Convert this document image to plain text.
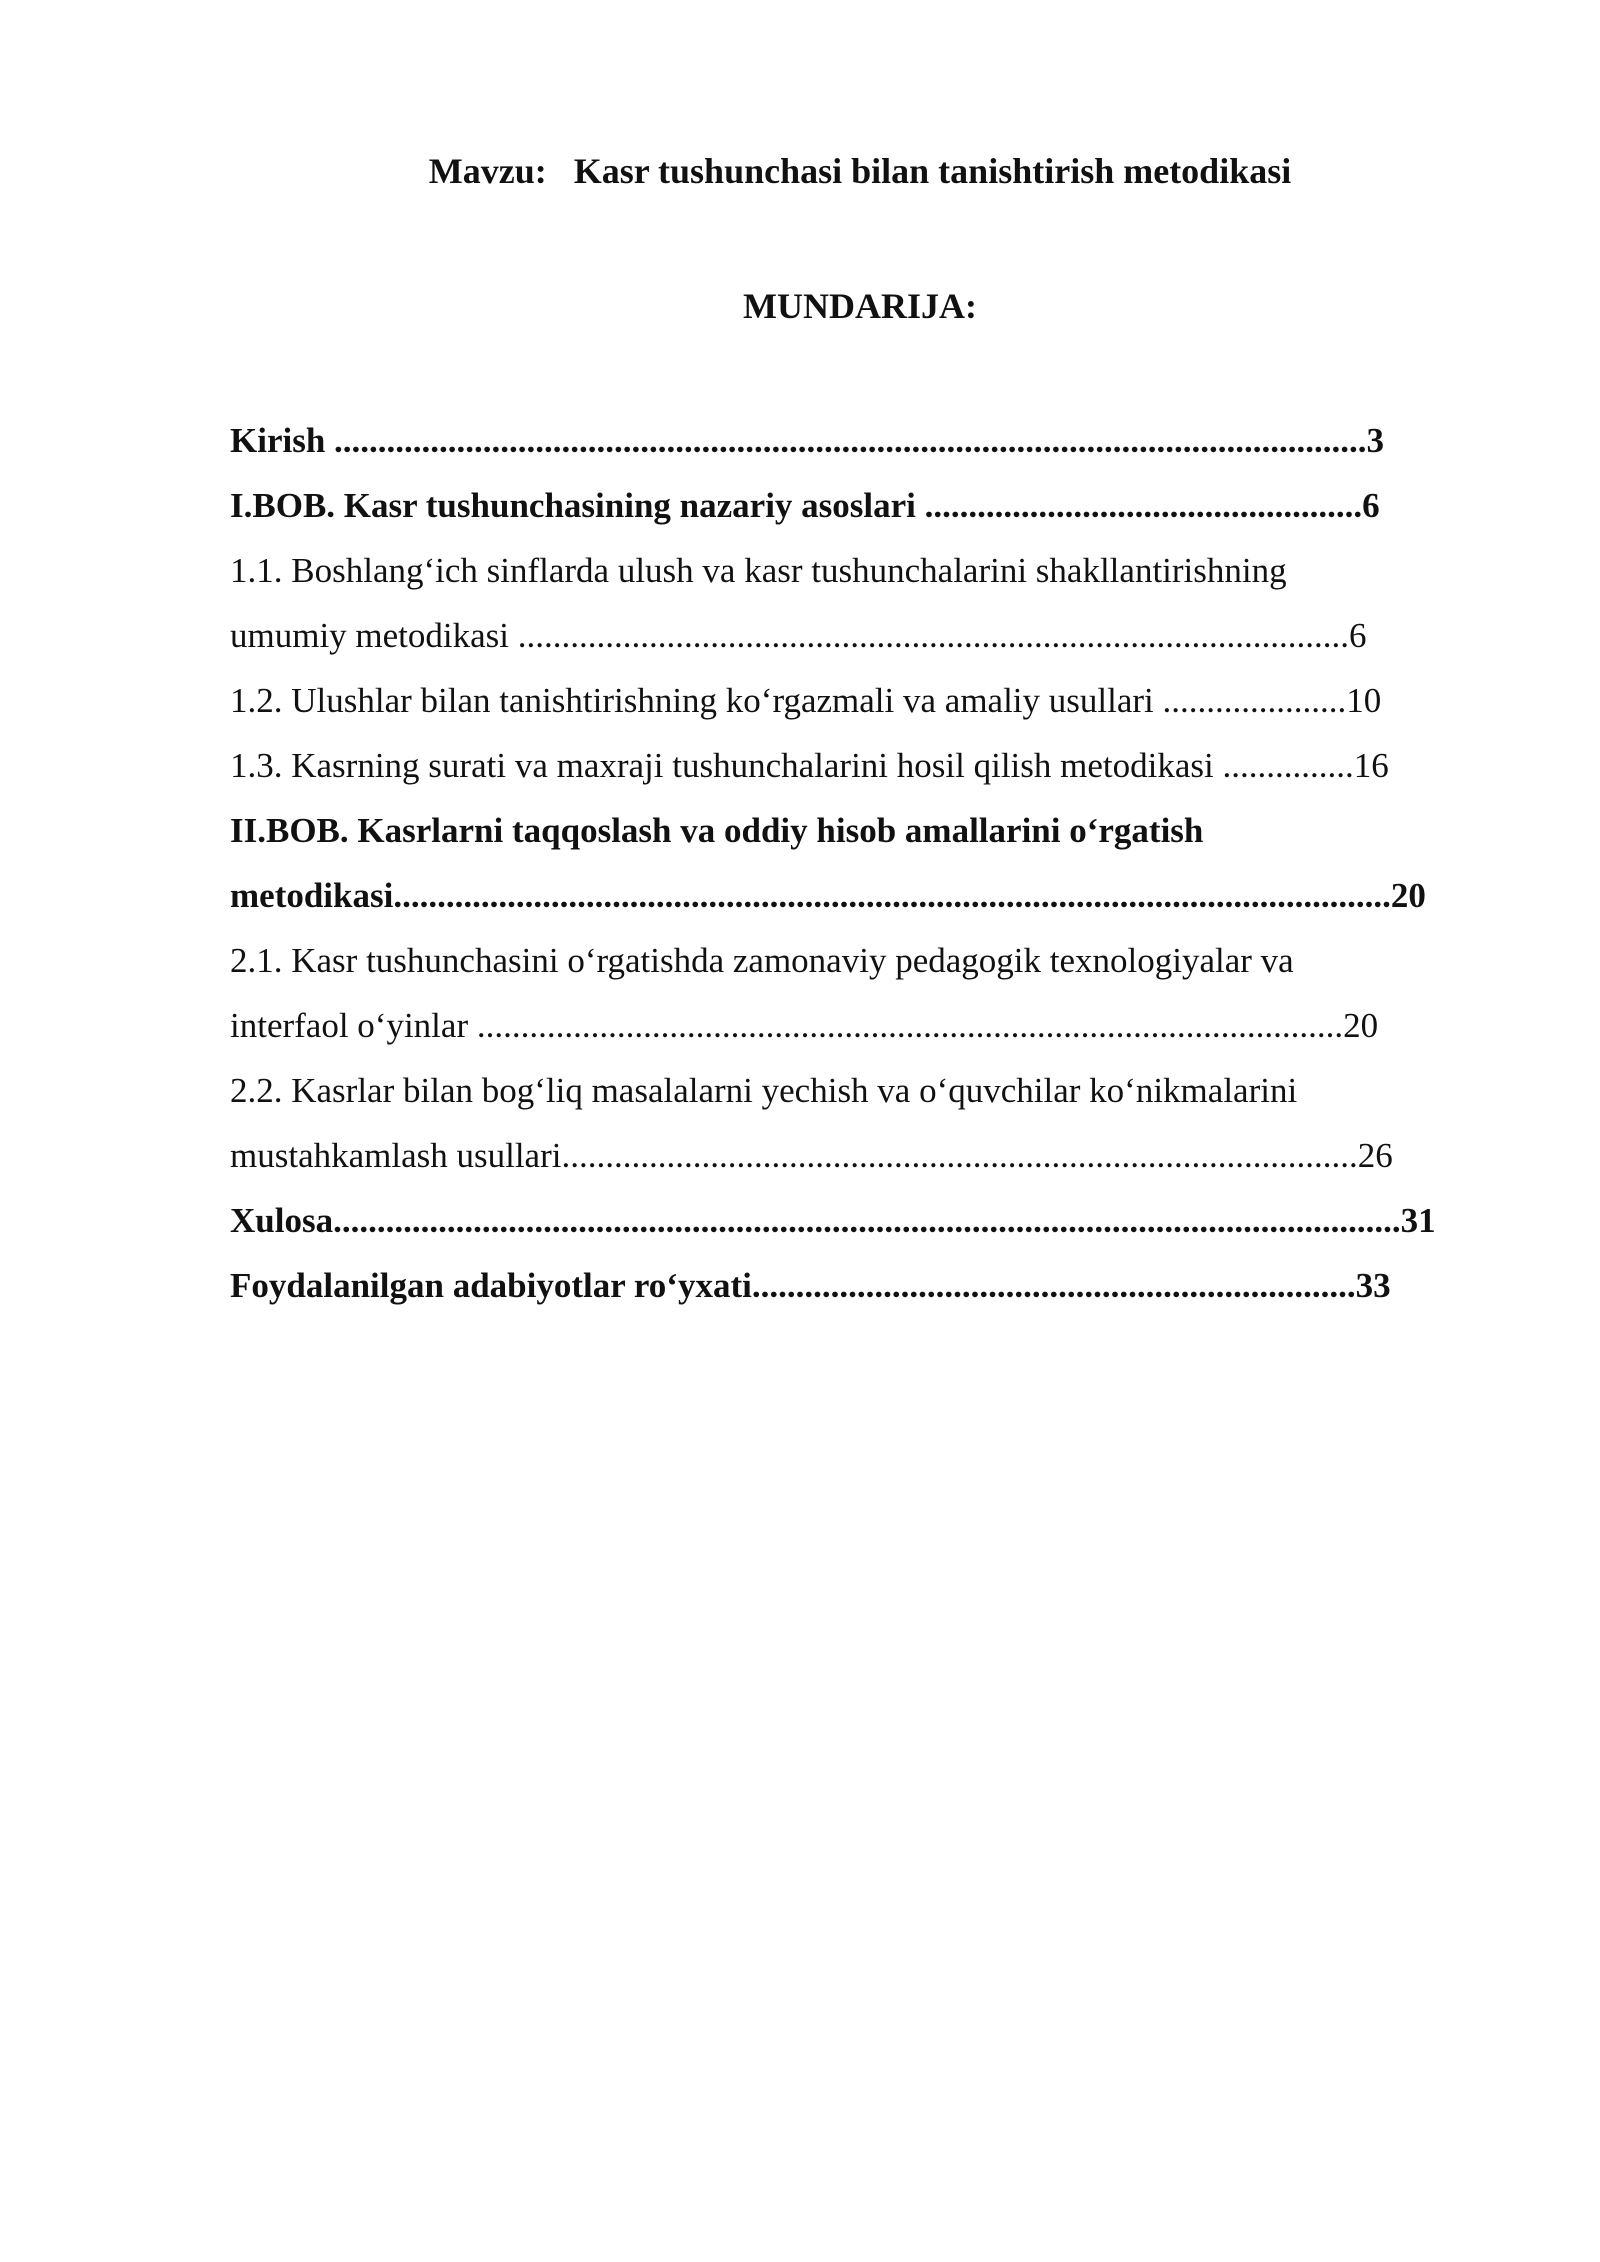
Mavzu:   Kasr tushunchasi bilan tanishtirish metodikasi
MUNDARIJA:
Kirish ......................................................................................................................3
I.BOB. Kasr tushunchasining nazariy asoslari ..................................................6
1.1. Boshlang‘ich sinflarda ulush va kasr tushunchalarini shakllantirishning
umumiy metodikasi ...............................................................................................6
1.2. Ulushlar bilan tanishtirishning ko‘rgazmali va amaliy usullari .....................10
1.3. Kasrning surati va maxraji tushunchalarini hosil qilish metodikasi ...............16
II.BOB. Kasrlarni taqqoslash va oddiy hisob amallarini o‘rgatish
metodikasi..................................................................................................................20
2.1. Kasr tushunchasini o‘rgatishda zamonaviy pedagogik texnologiyalar va
interfaol o‘yinlar ...................................................................................................20
2.2. Kasrlar bilan bog‘liq masalalarni yechish va o‘quvchilar ko‘nikmalarini
mustahkamlash usullari...........................................................................................26
Xulosa..........................................................................................................................31
Foydalanilgan adabiyotlar ro‘yxati.....................................................................33
